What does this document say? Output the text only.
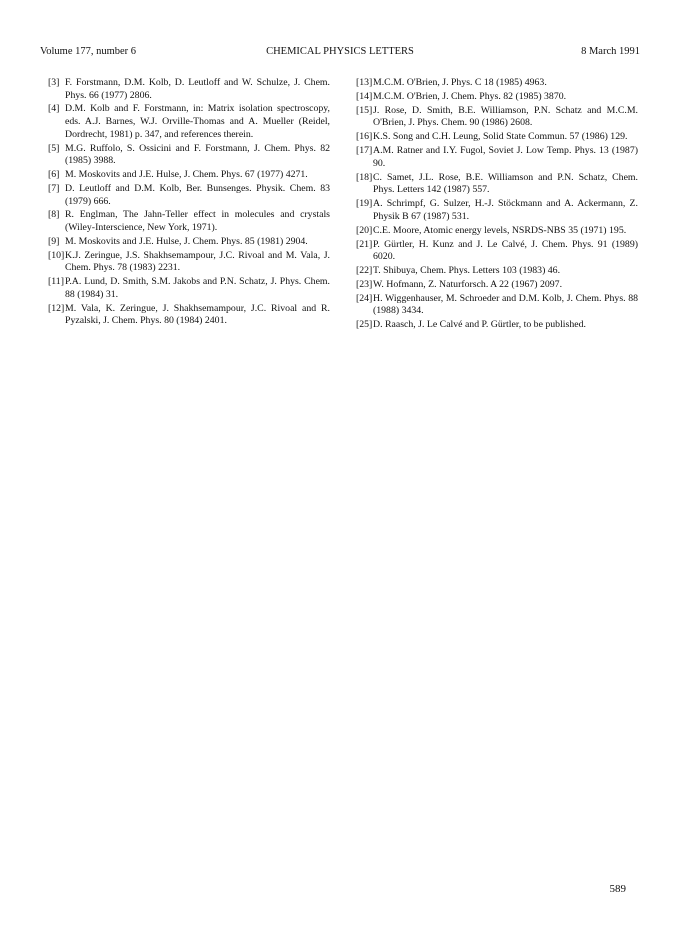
Volume 177, number 6	CHEMICAL PHYSICS LETTERS	8 March 1991
[3] F. Forstmann, D.M. Kolb, D. Leutloff and W. Schulze, J. Chem. Phys. 66 (1977) 2806.
[4] D.M. Kolb and F. Forstmann, in: Matrix isolation spectroscopy, eds. A.J. Barnes, W.J. Orville-Thomas and A. Mueller (Reidel, Dordrecht, 1981) p. 347, and references therein.
[5] M.G. Ruffolo, S. Ossicini and F. Forstmann, J. Chem. Phys. 82 (1985) 3988.
[6] M. Moskovits and J.E. Hulse, J. Chem. Phys. 67 (1977) 4271.
[7] D. Leutloff and D.M. Kolb, Ber. Bunsenges. Physik. Chem. 83 (1979) 666.
[8] R. Englman, The Jahn-Teller effect in molecules and crystals (Wiley-Interscience, New York, 1971).
[9] M. Moskovits and J.E. Hulse, J. Chem. Phys. 85 (1981) 2904.
[10] K.J. Zeringue, J.S. Shakhsemampour, J.C. Rivoal and M. Vala, J. Chem. Phys. 78 (1983) 2231.
[11] P.A. Lund, D. Smith, S.M. Jakobs and P.N. Schatz, J. Phys. Chem. 88 (1984) 31.
[12] M. Vala, K. Zeringue, J. Shakhsemampour, J.C. Rivoal and R. Pyzalski, J. Chem. Phys. 80 (1984) 2401.
[13] M.C.M. O'Brien, J. Phys. C 18 (1985) 4963.
[14] M.C.M. O'Brien, J. Chem. Phys. 82 (1985) 3870.
[15] J. Rose, D. Smith, B.E. Williamson, P.N. Schatz and M.C.M. O'Brien, J. Phys. Chem. 90 (1986) 2608.
[16] K.S. Song and C.H. Leung, Solid State Commun. 57 (1986) 129.
[17] A.M. Ratner and I.Y. Fugol, Soviet J. Low Temp. Phys. 13 (1987) 90.
[18] C. Samet, J.L. Rose, B.E. Williamson and P.N. Schatz, Chem. Phys. Letters 142 (1987) 557.
[19] A. Schrimpf, G. Sulzer, H.-J. Stöckmann and A. Ackermann, Z. Physik B 67 (1987) 531.
[20] C.E. Moore, Atomic energy levels, NSRDS-NBS 35 (1971) 195.
[21] P. Gürtler, H. Kunz and J. Le Calvé, J. Chem. Phys. 91 (1989) 6020.
[22] T. Shibuya, Chem. Phys. Letters 103 (1983) 46.
[23] W. Hofmann, Z. Naturforsch. A 22 (1967) 2097.
[24] H. Wiggenhauser, M. Schroeder and D.M. Kolb, J. Chem. Phys. 88 (1988) 3434.
[25] D. Raasch, J. Le Calvé and P. Gürtler, to be published.
589
